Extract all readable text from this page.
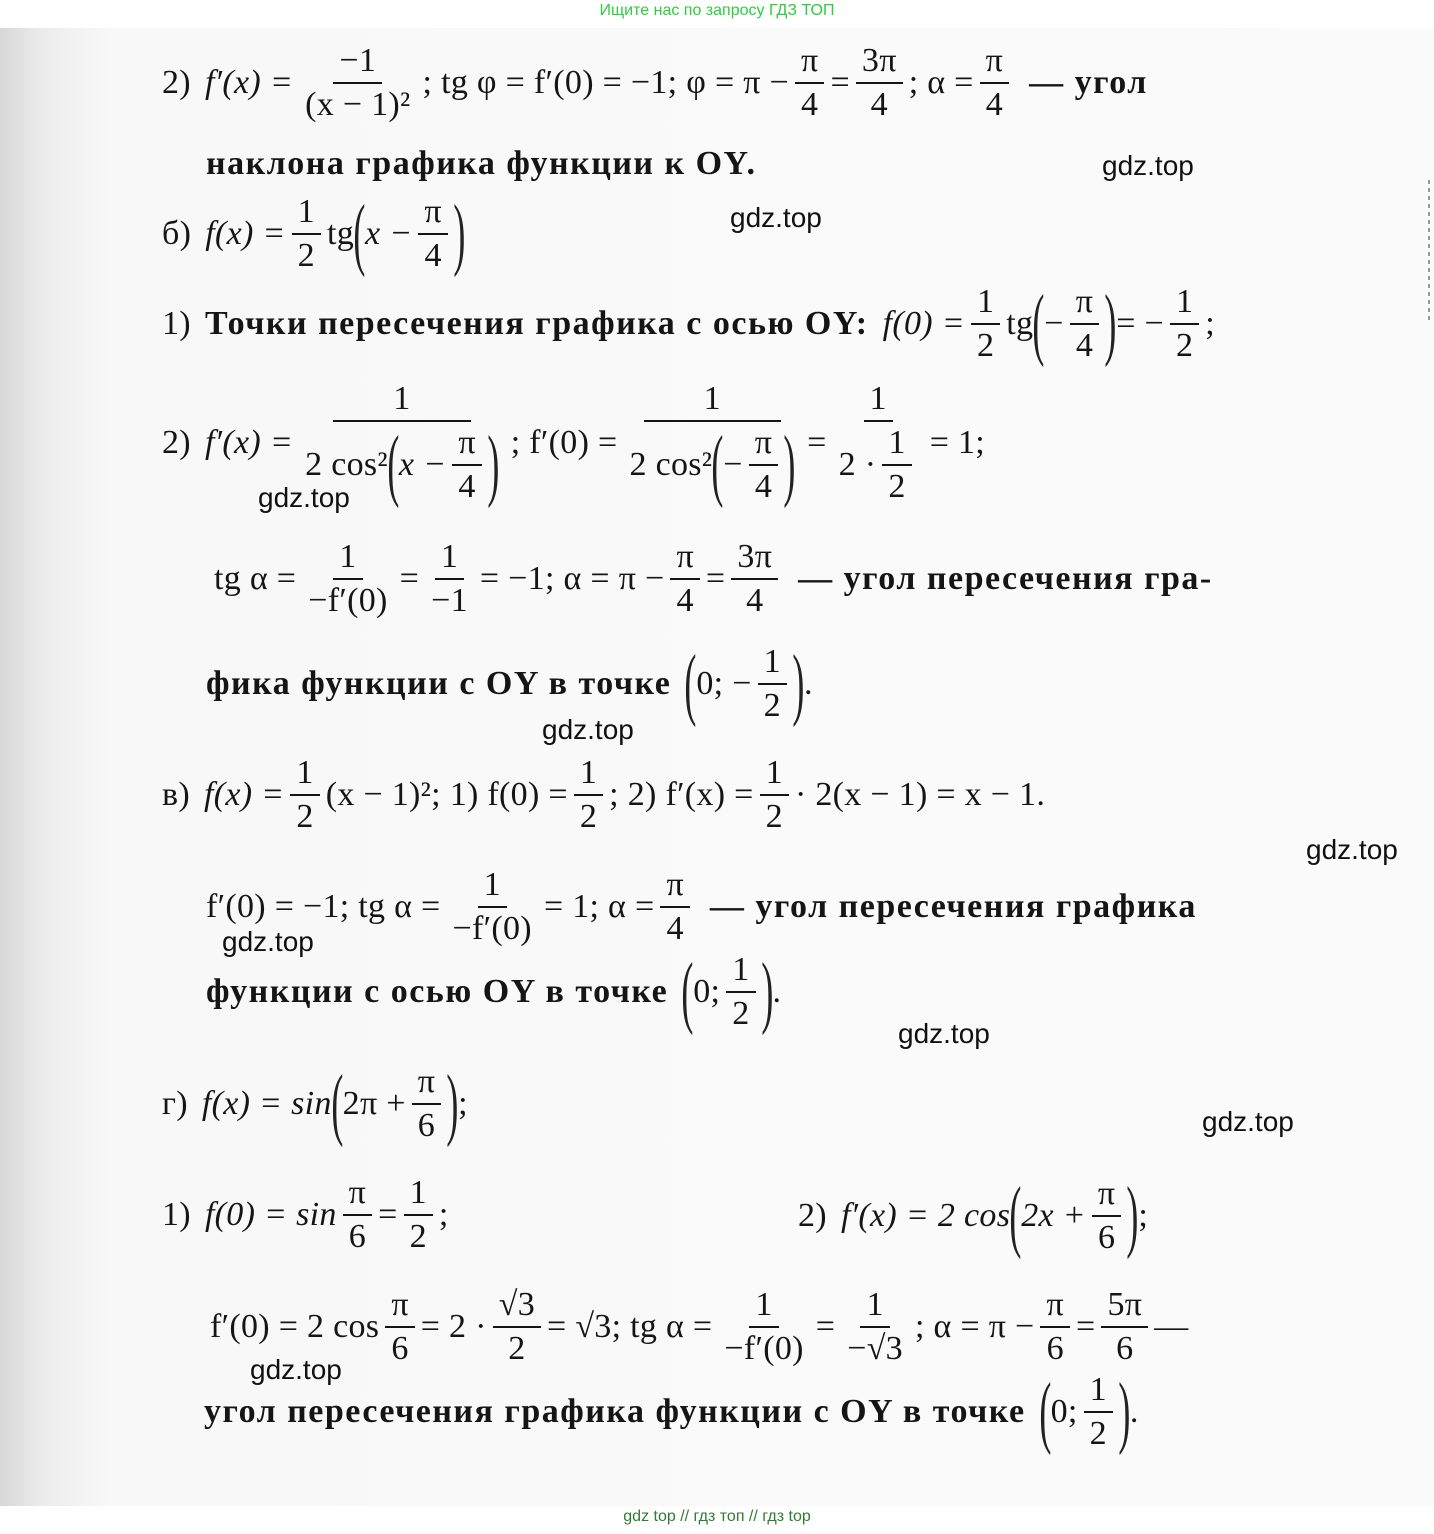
Ищите нас по запросу ГДЗ ТОП
2) $f'(x) = \frac{-1}{\text{(x − 1)²}}$ ; tg φ = f′(0) = −1; $\varphi = \pi - \frac{\pi}{4} = \frac{3\pi}{4}$ ; $\alpha = \frac{\pi}{4}$ — угол
наклона графика функции к OY.
б) $f(x) = \frac{1}{2}$ tg ( $x - \frac{\pi}{4}$ )
1) Точки пересечения графика с осью OY: $f(0) = \frac{1}{2}$ tg ( − $\frac{\pi}{4}$ ) = − $\frac{1}{2}$ ;
2) $f'(x) = \frac{1}{2 \cos^2 ( x - \frac{\pi}{4} )}$ ; $f'(0) = \frac{1}{2 \cos^2 ( - \frac{\pi}{4} )} = \frac{1}{2 \cdot \frac{1}{2}} = 1$;
tg $\alpha = \frac{1}{-f'(0)} = \frac{1}{-1} = -1$; $\alpha = \pi - \frac{\pi}{4} = \frac{3\pi}{4}$ — угол пересечения гра-
фика функции с OY в точке ( 0; − $\frac{1}{2}$ ) .
в) $f(x) = \frac{1}{2} (x - 1)^2$; 1) $f(0) = \frac{1}{2}$ ; 2) $f'(x) = \frac{1}{2} \cdot 2(x - 1) = x - 1$.
f′(0) = −1; tg $\alpha = \frac{1}{-f'(0)} = 1$; $\alpha = \frac{\pi}{4}$ — угол пересечения графика
функции с осью OY в точке ( 0; $\frac{1}{2}$ ) .
г) f(x) = sin ( $2\pi + \frac{\pi}{6}$ ) ;
1) $f(0) = \sin \frac{\pi}{6} = \frac{1}{2}$ ;	2) f′(x) = 2 cos ( $2x + \frac{\pi}{6}$ ) ;
f′(0) = 2 $\cos \frac{\pi}{6} = 2 \cdot \frac{√3}{2} = √3$; tg $\alpha = \frac{1}{-f'(0)} = \frac{1}{-√3}$ ; $\alpha = \pi - \frac{\pi}{6} = \frac{5\pi}{6}$ —
угол пересечения графика функции с OY в точке ( 0; $\frac{1}{2}$ ) .
gdz.top
gdz.top
gdz.top
gdz.top
gdz.top
gdz.top
gdz.top
gdz.top
gdz.top
gdz top // гдз топ // гдз top
